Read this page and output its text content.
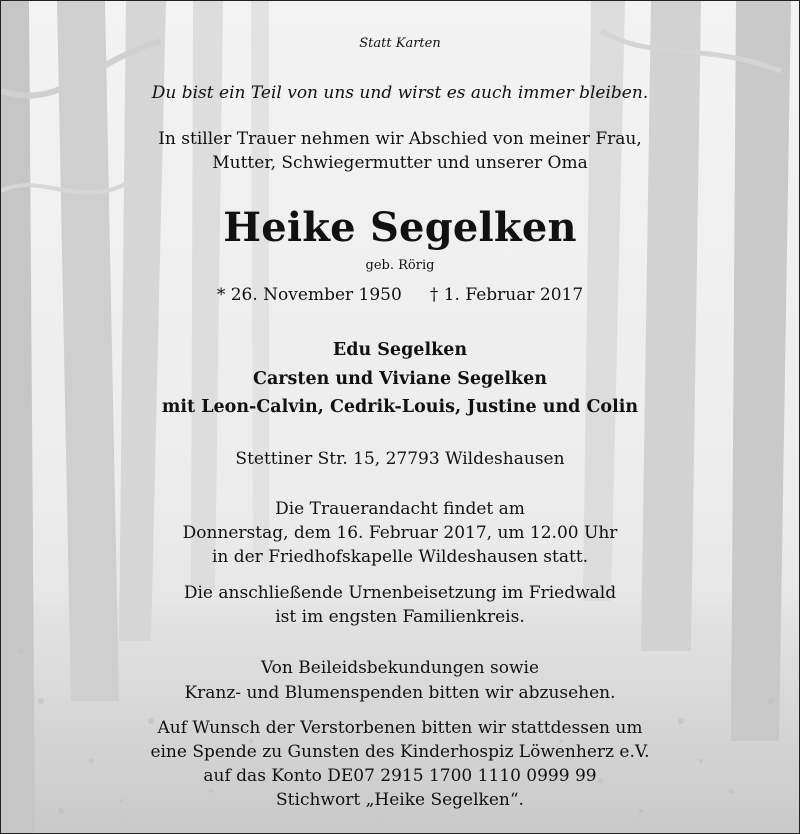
Statt Karten
Du bist ein Teil von uns und wirst es auch immer bleiben.
In stiller Trauer nehmen wir Abschied von meiner Frau,
Mutter, Schwiegermutter und unserer Oma
Heike Segelken
geb. Rörig
* 26. November 1950 † 1. Februar 2017
Edu Segelken
Carsten und Viviane Segelken
mit Leon-Calvin, Cedrik-Louis, Justine und Colin
Stettiner Str. 15, 27793 Wildeshausen
Die Trauerandacht findet am
Donnerstag, dem 16. Februar 2017, um 12.00 Uhr
in der Friedhofskapelle Wildeshausen statt.
Die anschließende Urnenbeisetzung im Friedwald
ist im engsten Familienkreis.
Von Beileidsbekundungen sowie
Kranz- und Blumenspenden bitten wir abzusehen.
Auf Wunsch der Verstorbenen bitten wir stattdessen um
eine Spende zu Gunsten des Kinderhospiz Löwenherz e.V.
auf das Konto DE07 2915 1700 1110 0999 99
Stichwort „Heike Segelken“.
